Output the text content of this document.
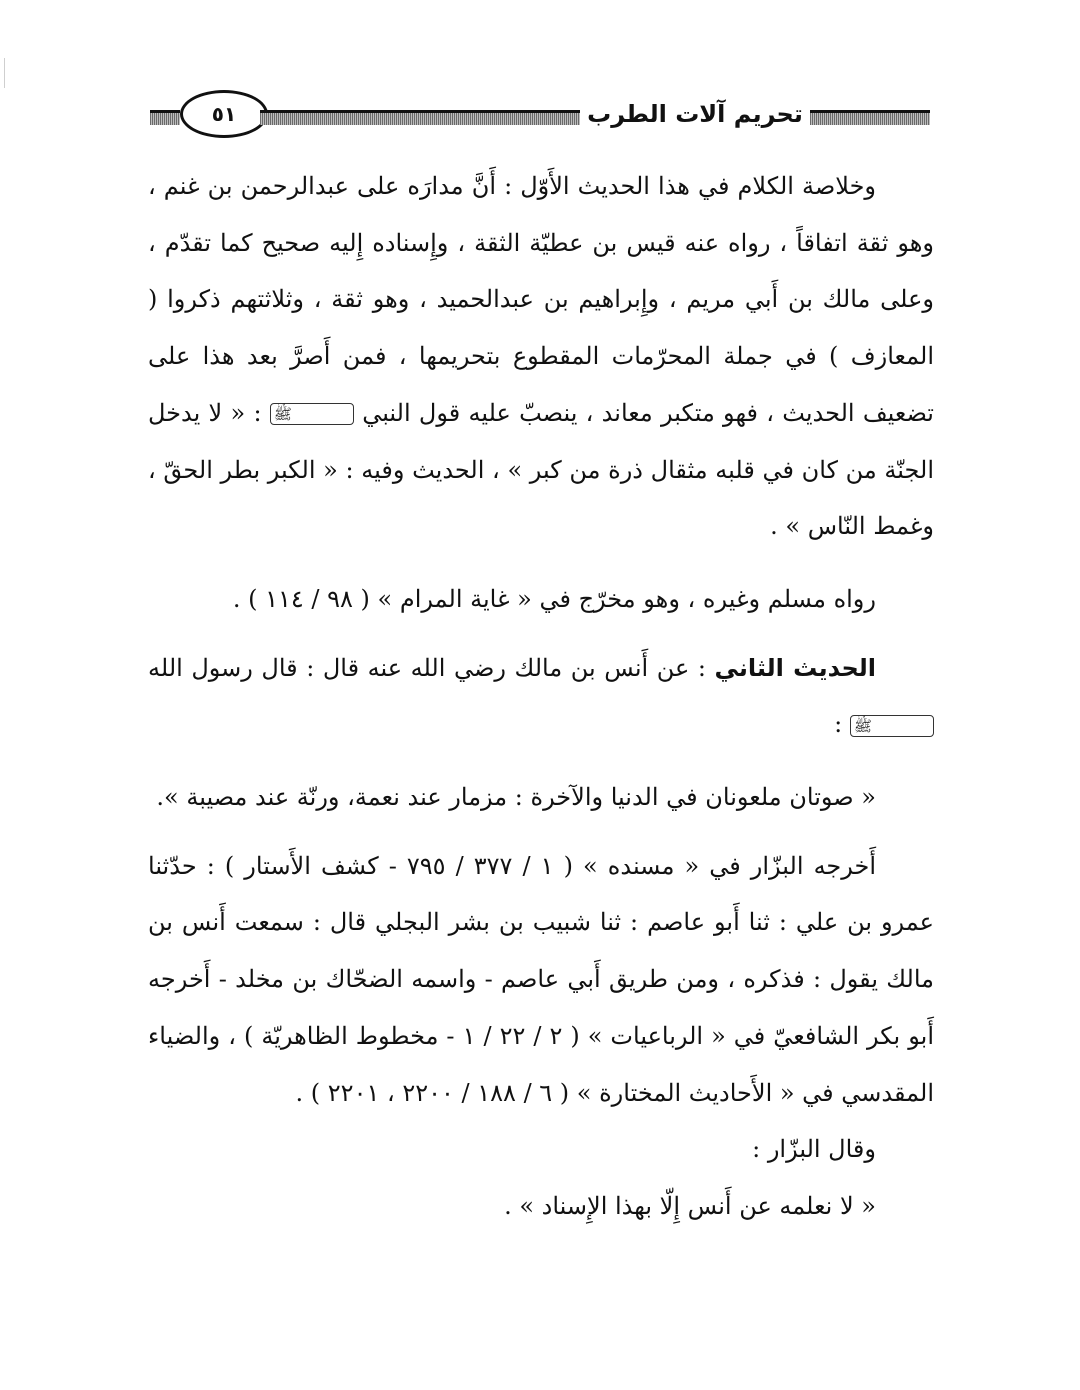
٥١	تحريم آلات الطرب

وخلاصة الكلام في هذا الحديث الأَوّل : أَنَّ مدارَه على عبدالرحمن بن غنم ، وهو ثقة اتفاقاً ، رواه عنه قيس بن عطيّة الثقة ، وإِسناده إِليه صحيح كما تقدّم ، وعلى مالك بن أَبي مريم ، وإِبراهيم بن عبدالحميد ، وهو ثقة ، وثلاثتهم ذكروا ( المعازف ) في جملة المحرّمات المقطوع بتحريمها ، فمن أَصرَّ بعد هذا على تضعيف الحديث ، فهو متكبر معاند ، ينصبّ عليه قول النبي ﷺ : « لا يدخل الجنّة من كان في قلبه مثقال ذرة من كبر » ، الحديث وفيه : « الكبر بطر الحقّ ، وغمط النّاس » .

رواه مسلم وغيره ، وهو مخرّج في « غاية المرام » ( ٩٨ / ١١٤ ) .

الحديث الثاني : عن أَنس بن مالك رضي الله عنه قال : قال رسول الله ﷺ :

« صوتان ملعونان في الدنيا والآخرة : مزمار عند نعمة، ورنّة عند مصيبة ».

أَخرجه البزّار في « مسنده » ( ١ / ٣٧٧ / ٧٩٥ - كشف الأَستار ) : حدّثنا عمرو بن علي : ثنا أَبو عاصم : ثنا شبيب بن بشر البجلي قال : سمعت أَنس بن مالك يقول : فذكره ، ومن طريق أَبي عاصم - واسمه الضحّاك بن مخلد - أَخرجه أَبو بكر الشافعيّ في « الرباعيات » ( ٢ / ٢٢ / ١ - مخطوط الظاهريّة ) ، والضياء المقدسي في « الأَحاديث المختارة » ( ٦ / ١٨٨ / ٢٢٠٠ ، ٢٢٠١ ) .

وقال البزّار :

« لا نعلمه عن أَنس إِلّا بهذا الإِسناد » .
